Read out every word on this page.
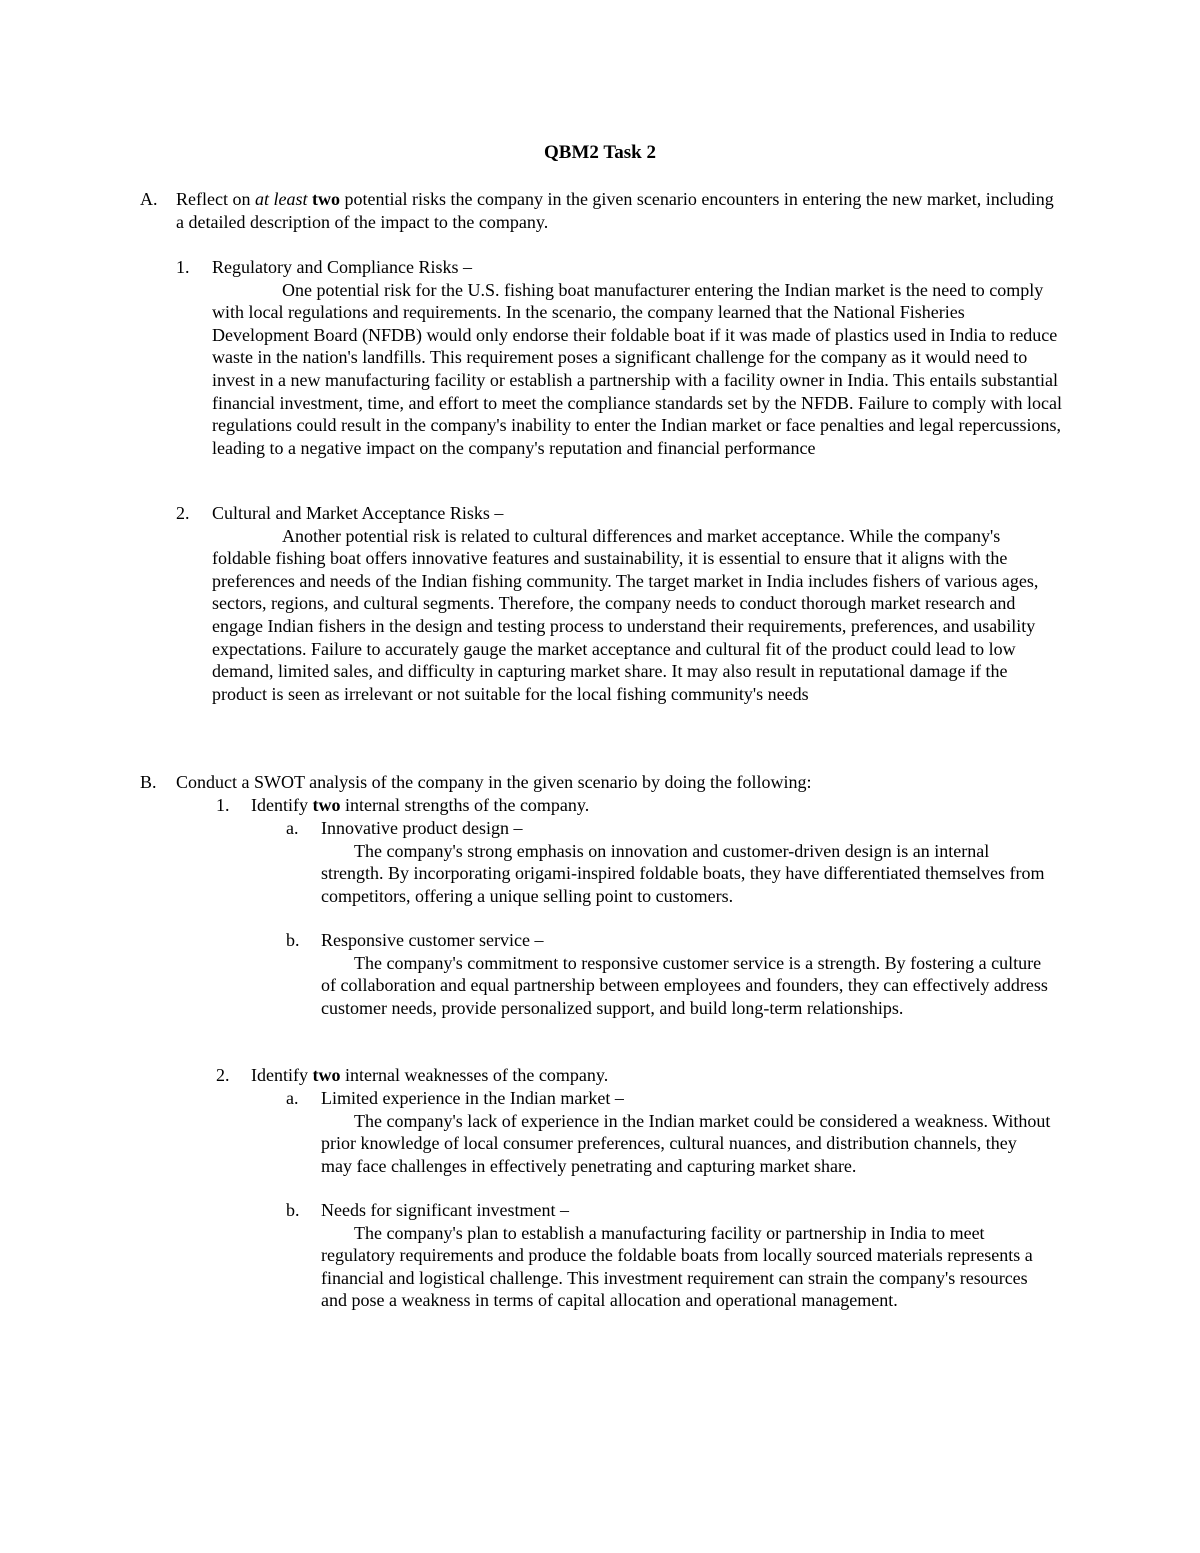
QBM2 Task 2
A. Reflect on at least two potential risks the company in the given scenario encounters in entering the new market, including a detailed description of the impact to the company.

1. Regulatory and Compliance Risks –

One potential risk for the U.S. fishing boat manufacturer entering the Indian market is the need to comply with local regulations and requirements. In the scenario, the company learned that the National Fisheries Development Board (NFDB) would only endorse their foldable boat if it was made of plastics used in India to reduce waste in the nation's landfills. This requirement poses a significant challenge for the company as it would need to invest in a new manufacturing facility or establish a partnership with a facility owner in India. This entails substantial financial investment, time, and effort to meet the compliance standards set by the NFDB. Failure to comply with local regulations could result in the company's inability to enter the Indian market or face penalties and legal repercussions, leading to a negative impact on the company's reputation and financial performance

2. Cultural and Market Acceptance Risks –

Another potential risk is related to cultural differences and market acceptance. While the company's foldable fishing boat offers innovative features and sustainability, it is essential to ensure that it aligns with the preferences and needs of the Indian fishing community. The target market in India includes fishers of various ages, sectors, regions, and cultural segments. Therefore, the company needs to conduct thorough market research and engage Indian fishers in the design and testing process to understand their requirements, preferences, and usability expectations. Failure to accurately gauge the market acceptance and cultural fit of the product could lead to low demand, limited sales, and difficulty in capturing market share. It may also result in reputational damage if the product is seen as irrelevant or not suitable for the local fishing community's needs

B. Conduct a SWOT analysis of the company in the given scenario by doing the following:
1. Identify two internal strengths of the company.
a. Innovative product design –

The company's strong emphasis on innovation and customer-driven design is an internal strength. By incorporating origami-inspired foldable boats, they have differentiated themselves from competitors, offering a unique selling point to customers.

b. Responsive customer service –

The company's commitment to responsive customer service is a strength. By fostering a culture of collaboration and equal partnership between employees and founders, they can effectively address customer needs, provide personalized support, and build long-term relationships.

2. Identify two internal weaknesses of the company.
a. Limited experience in the Indian market –

The company's lack of experience in the Indian market could be considered a weakness. Without prior knowledge of local consumer preferences, cultural nuances, and distribution channels, they may face challenges in effectively penetrating and capturing market share.

b. Needs for significant investment –

The company's plan to establish a manufacturing facility or partnership in India to meet regulatory requirements and produce the foldable boats from locally sourced materials represents a financial and logistical challenge. This investment requirement can strain the company's resources and pose a weakness in terms of capital allocation and operational management.
